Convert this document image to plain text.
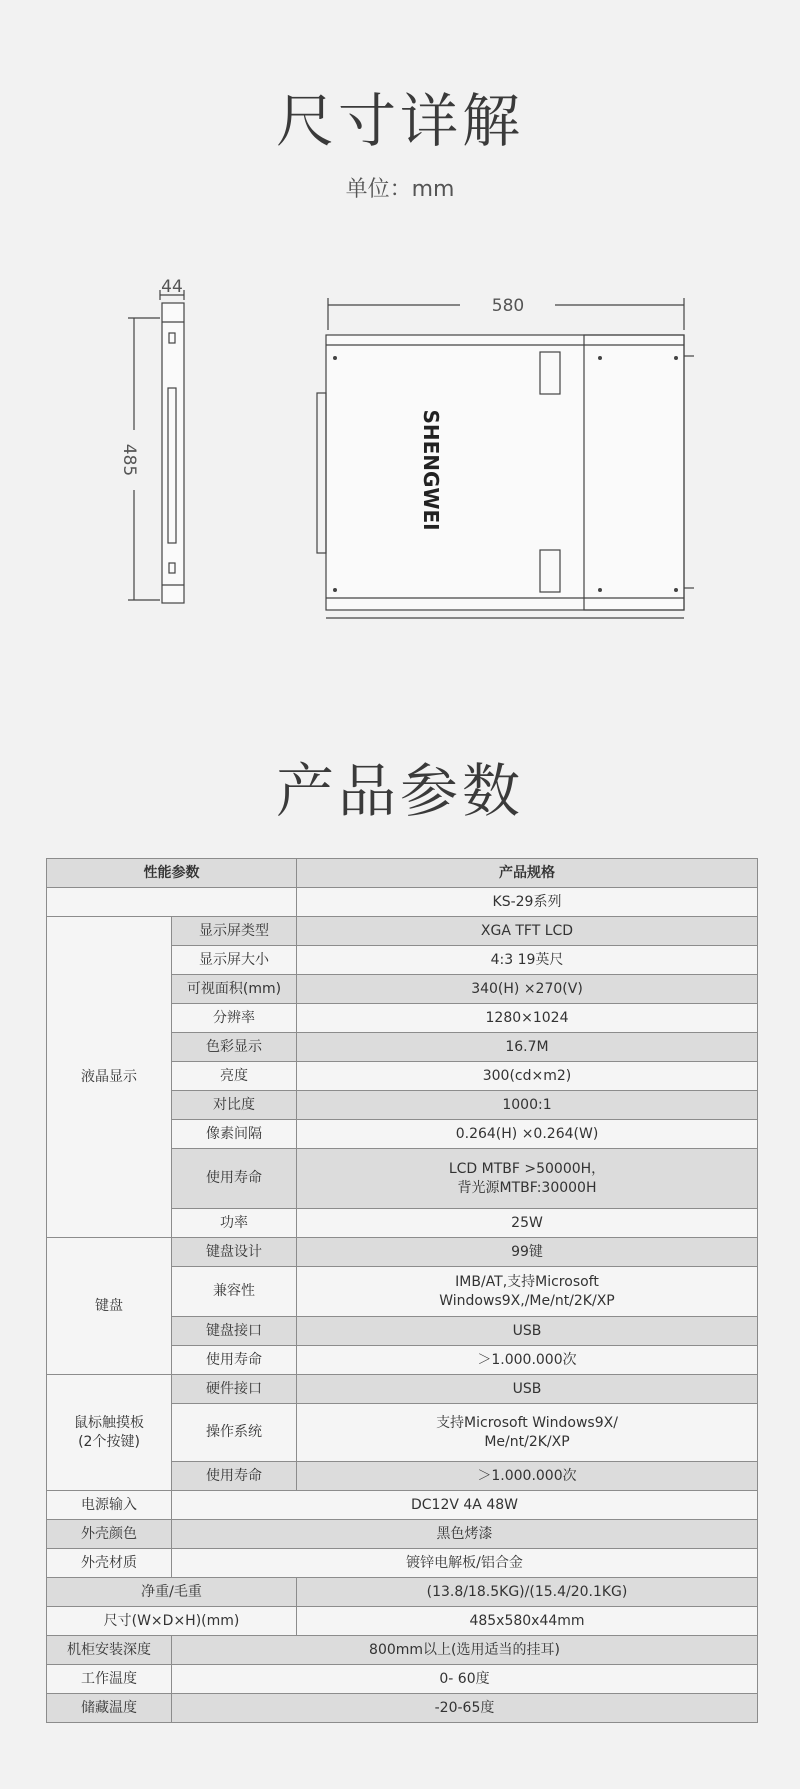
尺寸详解
单位：mm
44
485
580
SHENGWEI
产品参数
性能参数		产品规格
		KS-29系列
液晶显示	显示屏类型	XGA TFT LCD
	显示屏大小	4:3 19英尺
	可视面积(mm)	340(H) ×270(V)
	分辨率	1280×1024
	色彩显示	16.7M
	亮度	300(cd×m2)
	对比度	1000:1
	像素间隔	0.264(H) ×0.264(W)
	使用寿命	LCD MTBF >50000H，
背光源MTBF:30000H
	功率	25W
键盘	键盘设计	99键
	兼容性	IMB/AT,支持Microsoft
Windows9X,/Me/nt/2K/XP
	键盘接口	USB
	使用寿命	＞1.000.000次
鼠标触摸板
(2个按键)	硬件接口	USB
	操作系统	支持Microsoft Windows9X/
Me/nt/2K/XP
	使用寿命	＞1.000.000次
电源输入	DC12V 4A 48W	
外壳颜色	黑色烤漆	
外壳材质	镀锌电解板/铝合金	
净重/毛重		(13.8/18.5KG)/(15.4/20.1KG)
尺寸(W×D×H)(mm)		485x580x44mm
机柜安装深度	800mm以上(选用适当的挂耳)	
工作温度	0- 60度	
储藏温度	-20-65度	
